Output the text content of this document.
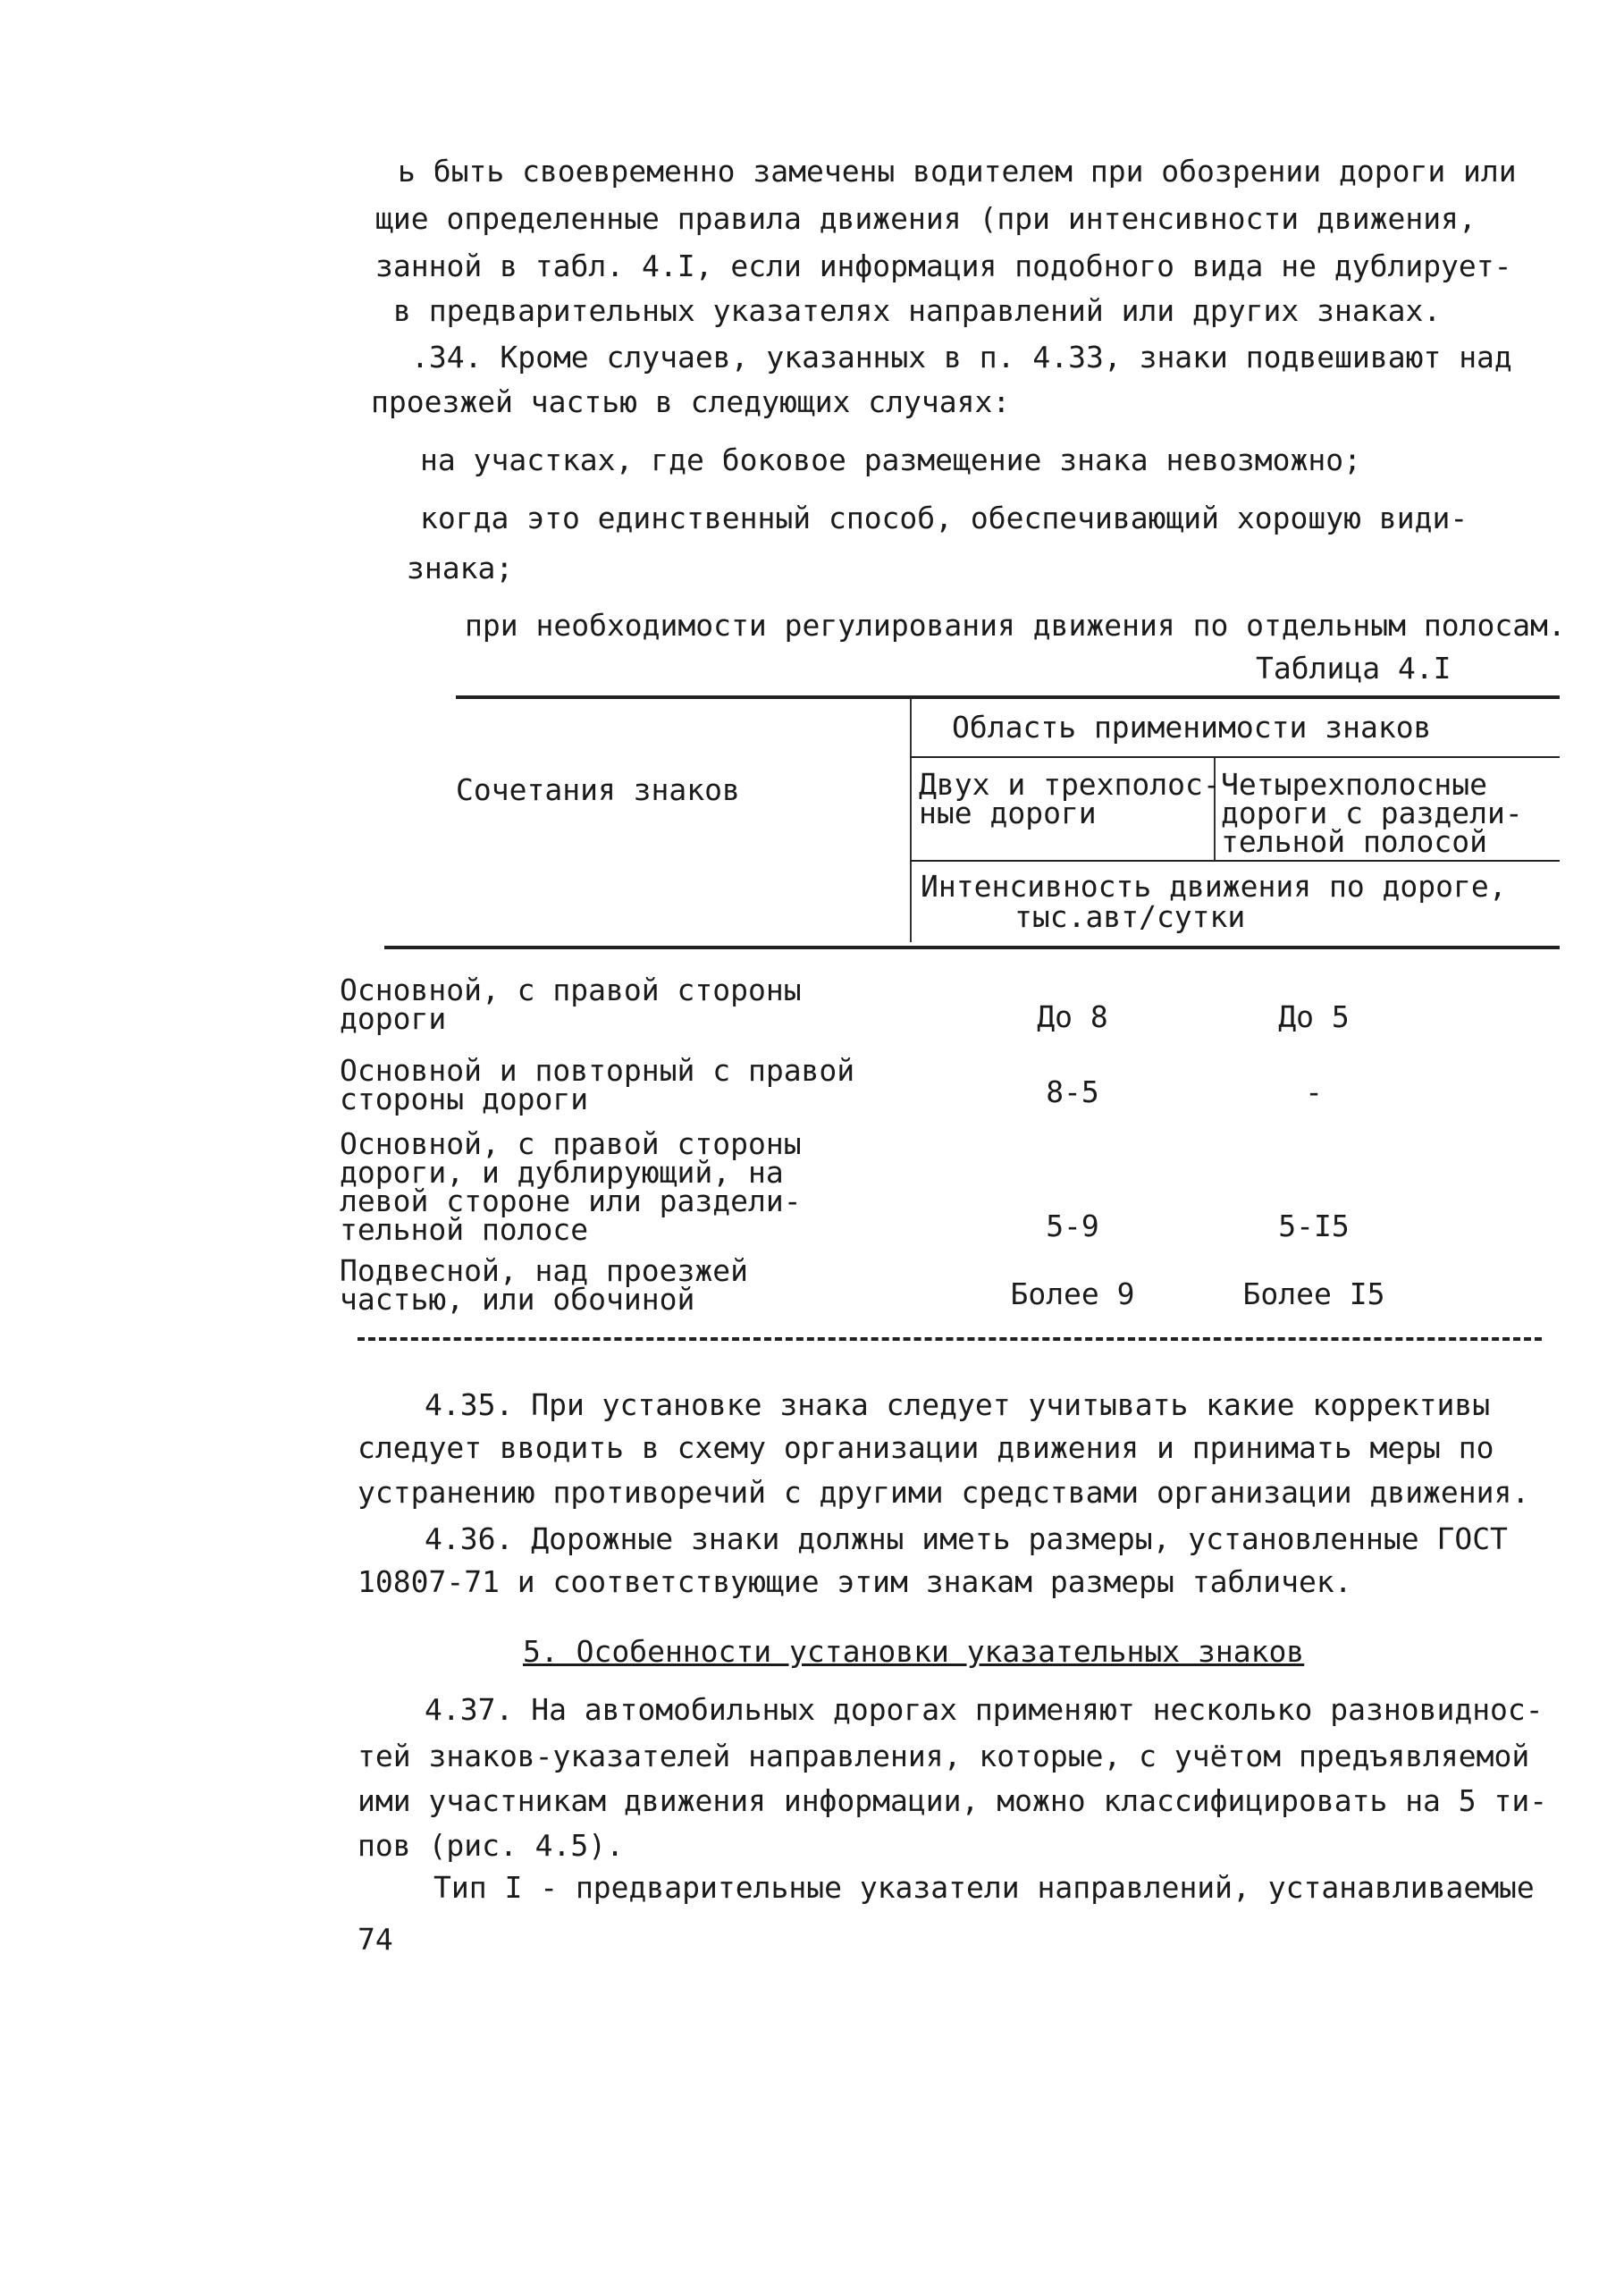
ь быть своевременно замечены водителем при обозрении дороги или
щие определенные правила движения (при интенсивности движения,
занной в табл. 4.I, если информация подобного вида не дублирует-
в предварительных указателях направлений или других знаках.
.34. Кроме случаев, указанных в п. 4.33, знаки подвешивают над
проезжей частью в следующих случаях:
на участках, где боковое размещение знака невозможно;
когда это единственный способ, обеспечивающий хорошую види-
знака;
при необходимости регулирования движения по отдельным полосам.
Таблица 4.I
Сочетания знаков
Область применимости знаков
Двух и трехполос-
ные дороги
Четырехполосные
дороги с раздели-
тельной полосой
Интенсивность движения по дороге,
тыс.авт/сутки
Основной, с правой стороны
дороги	До 8	До 5
Основной и повторный с правой
стороны дороги	8-5	-
Основной, с правой стороны
дороги, и дублирующий, на
левой стороне или раздели-
тельной полосе	5-9	5-I5
Подвесной, над проезжей
частью, или обочиной	Более 9	Более I5
4.35. При установке знака следует учитывать какие коррективы
следует вводить в схему организации движения и принимать меры по
устранению противоречий с другими средствами организации движения.
4.36. Дорожные знаки должны иметь размеры, установленные ГОСТ
10807-71 и соответствующие этим знакам размеры табличек.
5. Особенности установки указательных знаков
4.37. На автомобильных дорогах применяют несколько разновиднос-
тей знаков-указателей направления, которые, с учётом предъявляемой
ими участникам движения информации, можно классифицировать на 5 ти-
пов (рис. 4.5).
Тип I - предварительные указатели направлений, устанавливаемые
74
